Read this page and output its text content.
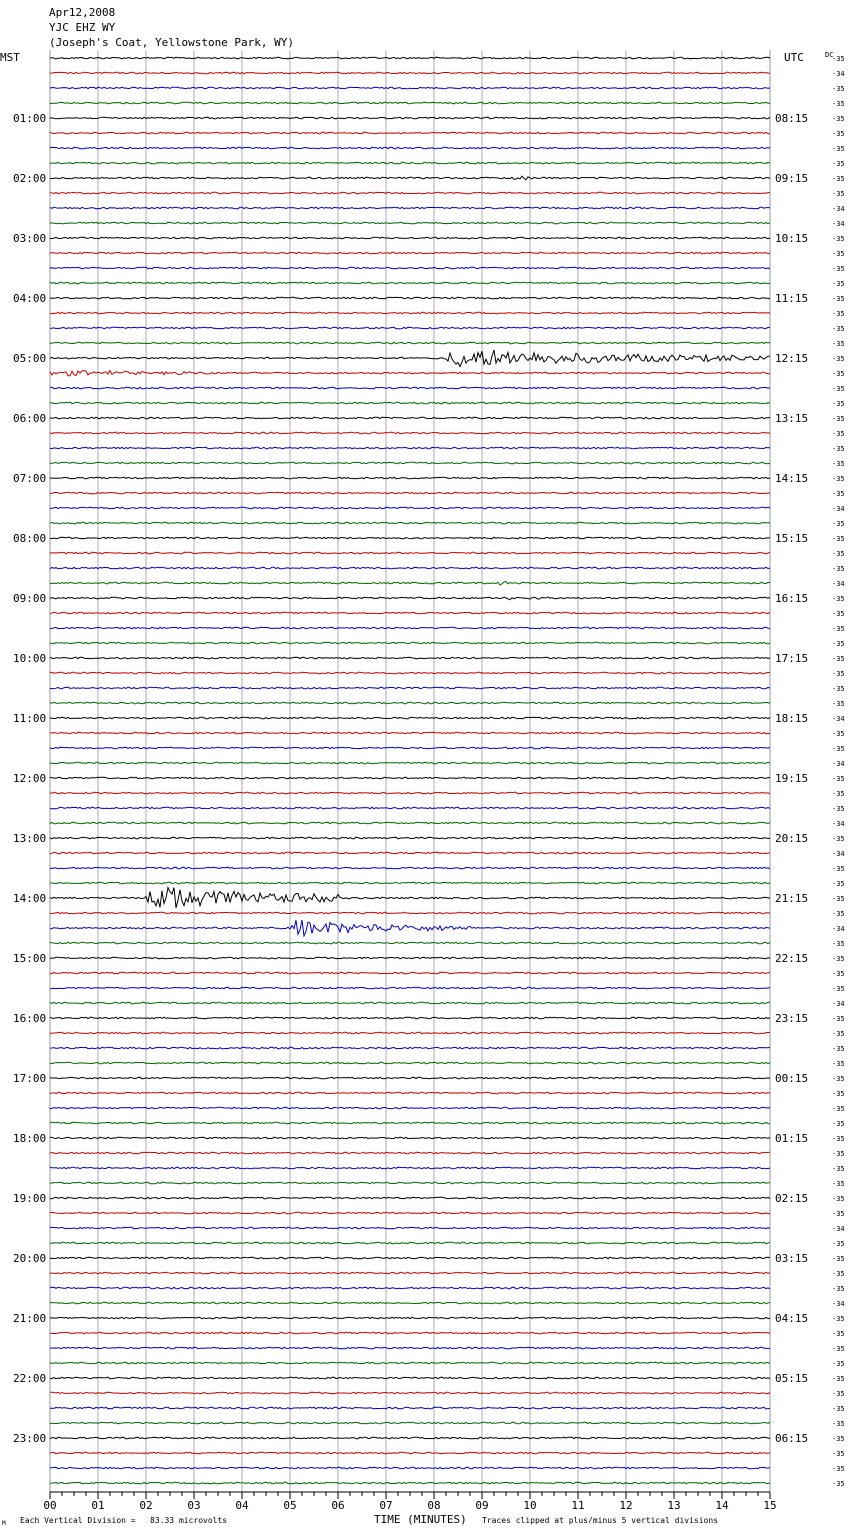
Apr12,2008
YJC EHZ WY
(Joseph's Coat, Yellowstone Park, WY)
MST	UTC	DC
01:00
02:00
03:00
04:00
05:00
06:00
07:00
08:00
09:00
10:00
11:00
12:00
13:00
14:00
15:00
16:00
17:00
18:00
19:00
20:00
21:00
22:00
23:00
08:15
09:15
10:15
11:15
12:15
13:15
14:15
15:15
16:15
17:15
18:15
19:15
20:15
21:15
22:15
23:15
00:15
01:15
02:15
03:15
04:15
05:15
06:15
-35
-34
-35
-35
-35
-35
-35
-35
-35
-35
-34
-34
-35
-35
-35
-35
-35
-35
-35
-35
-35
-35
-35
-35
-35
-35
-35
-35
-35
-35
-34
-35
-35
-35
-35
-34
-35
-35
-35
-35
-35
-35
-35
-35
-34
-35
-35
-34
-35
-35
-35
-34
-35
-34
-35
-35
-35
-35
-34
-35
-35
-35
-35
-34
-35
-35
-35
-35
-35
-35
-35
-35
-35
-35
-35
-35
-35
-35
-34
-35
-35
-35
-35
-34
-35
-35
-35
-35
-35
-35
-35
-35
-35
-35
-35
-35
00	01	02	03	04	05	06	07	08	09	10	11	12	13	14	15
M Each Vertical Division =   83.33 microvolts	TIME (MINUTES) Traces clipped at plus/minus 5 vertical divisions
